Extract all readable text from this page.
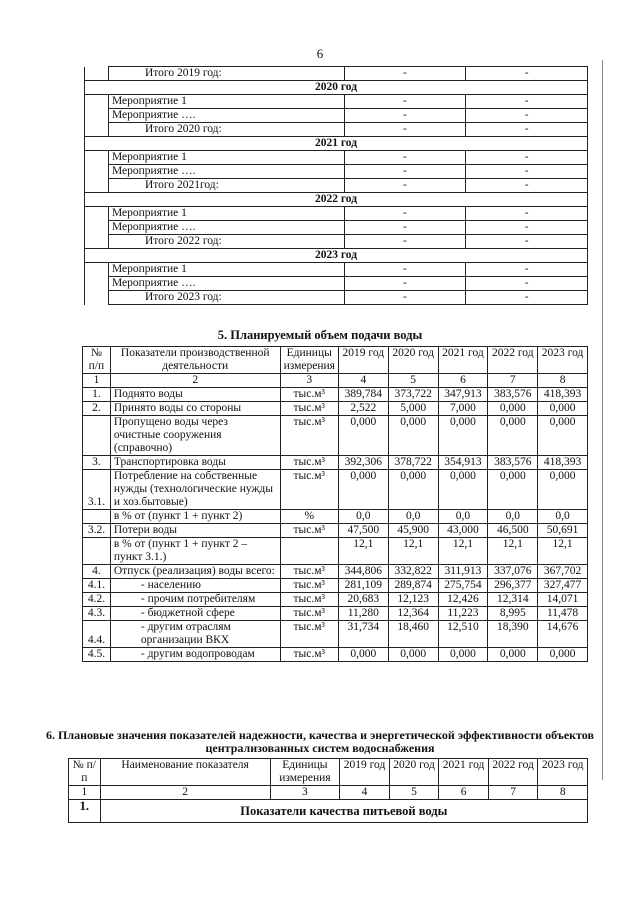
6
	Итого 2019 год:	-	-
2020 год			
	Мероприятие 1	-	-
	Мероприятие ….	-	-
	Итого 2020 год:	-	-
2021 год			
	Мероприятие 1	-	-
	Мероприятие ….	-	-
	Итого 2021год:	-	-
2022 год			
	Мероприятие 1	-	-
	Мероприятие ….	-	-
	Итого 2022 год:	-	-
2023 год			
	Мероприятие 1	-	-
	Мероприятие ….	-	-
	Итого 2023 год:	-	-
5. Планируемый объем подачи воды
№ п/п	Показатели производственной деятельности	Единицы измерения	2019 год	2020 год	2021 год	2022 год	2023 год
1	2	3	4	5	6	7	8
1.	Поднято воды	тыс.м³	389,784	373,722	347,913	383,576	418,393
2.	Принято воды со стороны	тыс.м³	2,522	5,000	7,000	0,000	0,000
	Пропущено воды через очистные сооружения (справочно)	тыс.м³	0,000	0,000	0,000	0,000	0,000
3.	Транспортировка воды	тыс.м³	392,306	378,722	354,913	383,576	418,393
3.1.	Потребление на собственные нужды (технологические нужды и хоз.бытовые)	тыс.м³	0,000	0,000	0,000	0,000	0,000
	в % от (пункт 1 + пункт 2)	%	0,0	0,0	0,0	0,0	0,0
3.2.	Потери воды	тыс.м³	47,500	45,900	43,000	46,500	50,691
	в % от (пункт 1 + пункт 2 – пункт 3.1.)		12,1	12,1	12,1	12,1	12,1
4.	Отпуск (реализация) воды всего:	тыс.м³	344,806	332,822	311,913	337,076	367,702
4.1.	- населению	тыс.м³	281,109	289,874	275,754	296,377	327,477
4.2.	- прочим потребителям	тыс.м³	20,683	12,123	12,426	12,314	14,071
4.3.	- бюджетной сфере	тыс.м³	11,280	12,364	11,223	8,995	11,478
4.4.	- другим отраслям организации ВКХ	тыс.м³	31,734	18,460	12,510	18,390	14,676
4.5.	- другим водопроводам	тыс.м³	0,000	0,000	0,000	0,000	0,000
6. Плановые значения показателей надежности, качества и энергетической эффективности объектов централизованных систем водоснабжения
№ п/п	Наименование показателя	Единицы измерения	2019 год	2020 год	2021 год	2022 год	2023 год
1	2	3	4	5	6	7	8
1.	Показатели качества питьевой воды						
